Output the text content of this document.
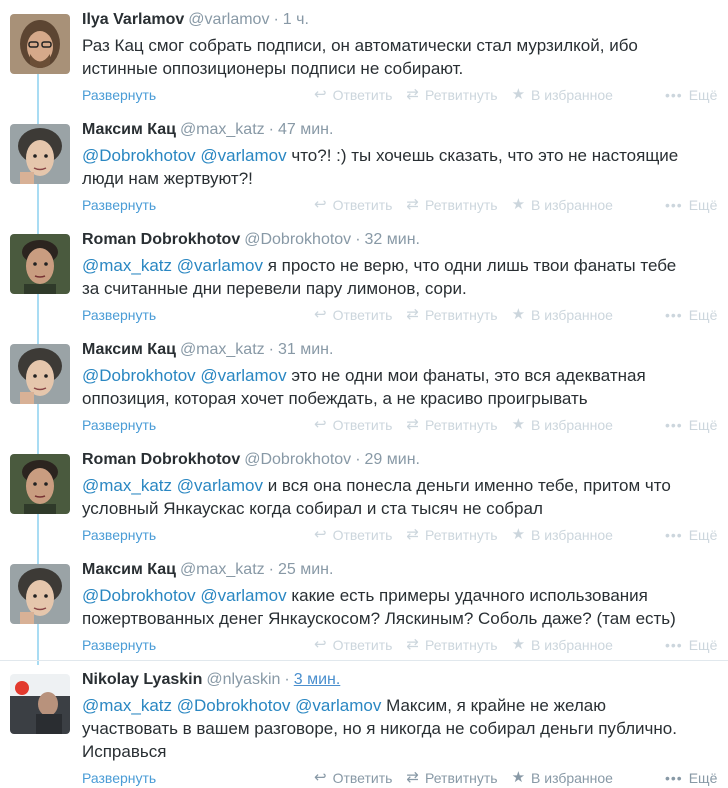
Ilya Varlamov @varlamov · 1 ч.
Раз Кац смог собрать подписи, он автоматически стал мурзилкой, ибо
истинные оппозиционеры подписи не собирают.
Развернуть	↩ Ответить ⇄ Ретвитнуть ★ В избранное	••• Ещё
Максим Кац @max_katz · 47 мин.
@Dobrokhotov @varlamov что?! :) ты хочешь сказать, что это не настоящие
люди нам жертвуют?!
Развернуть	↩ Ответить ⇄ Ретвитнуть ★ В избранное	••• Ещё
Roman Dobrokhotov @Dobrokhotov · 32 мин.
@max_katz @varlamov я просто не верю, что одни лишь твои фанаты тебе
за считанные дни перевели пару лимонов, сори.
Развернуть	↩ Ответить ⇄ Ретвитнуть ★ В избранное	••• Ещё
Максим Кац @max_katz · 31 мин.
@Dobrokhotov @varlamov это не одни мои фанаты, это вся адекватная
оппозиция, которая хочет побеждать, а не красиво проигрывать
Развернуть	↩ Ответить ⇄ Ретвитнуть ★ В избранное	••• Ещё
Roman Dobrokhotov @Dobrokhotov · 29 мин.
@max_katz @varlamov и вся она понесла деньги именно тебе, притом что
условный Янкаускас когда собирал и ста тысяч не собрал
Развернуть	↩ Ответить ⇄ Ретвитнуть ★ В избранное	••• Ещё
Максим Кац @max_katz · 25 мин.
@Dobrokhotov @varlamov какие есть примеры удачного использования
пожертвованных денег Янкаускосом? Ляскиным? Соболь даже? (там есть)
Развернуть	↩ Ответить ⇄ Ретвитнуть ★ В избранное	••• Ещё
Nikolay Lyaskin @nlyaskin · 3 мин.
@max_katz @Dobrokhotov @varlamov Максим, я крайне не желаю
участвовать в вашем разговоре, но я никогда не собирал деньги публично.
Исправься
Развернуть	↩ Ответить ⇄ Ретвитнуть ★ В избранное	••• Ещё
